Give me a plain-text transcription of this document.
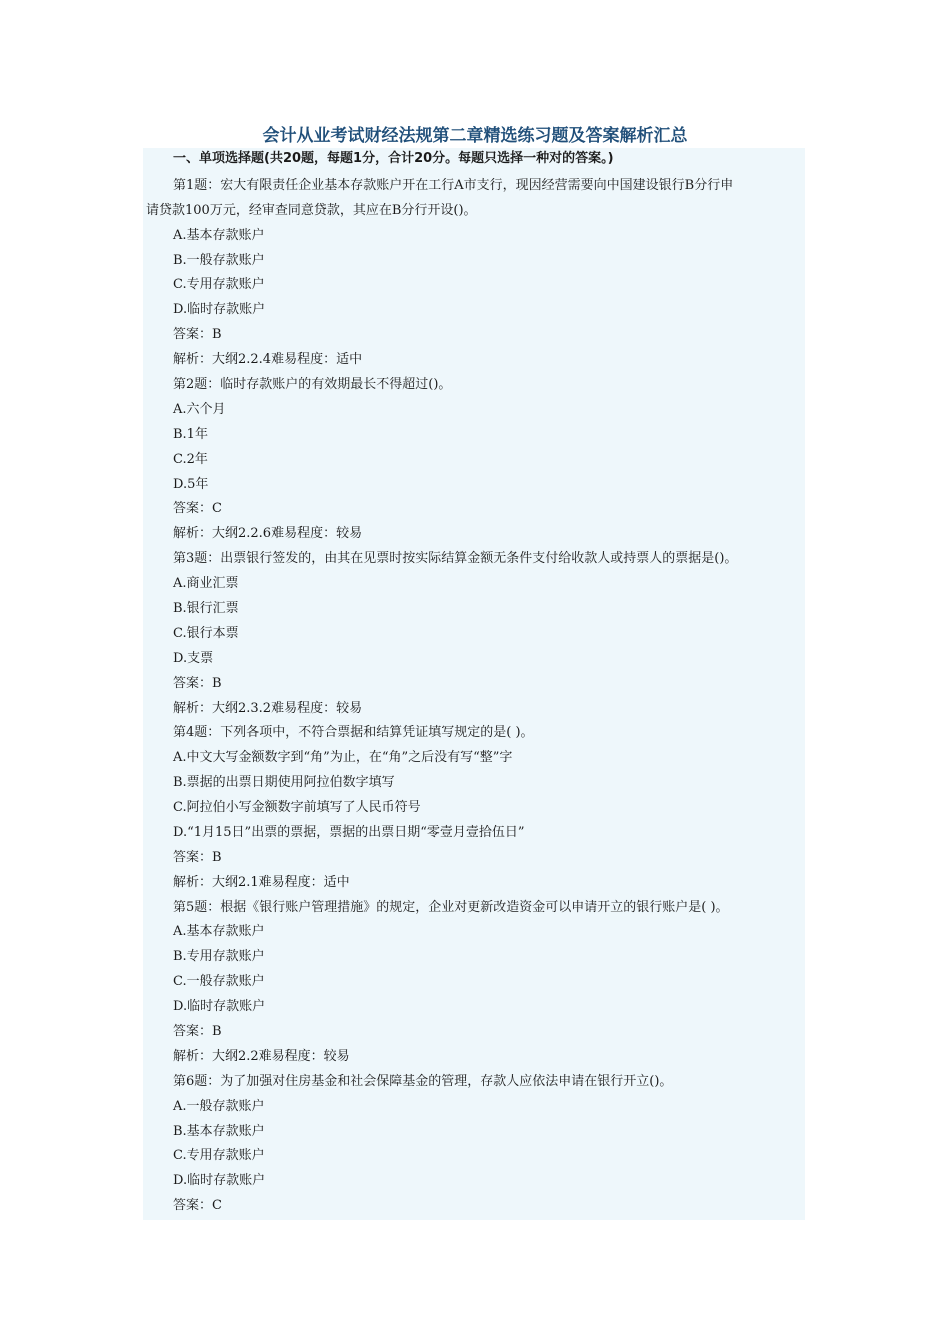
会计从业考试财经法规第二章精选练习题及答案解析汇总
一、单项选择题(共20题，每题1分，合计20分。每题只选择一种对的答案。)
第1题：宏大有限责任企业基本存款账户开在工行A市支行，现因经营需要向中国建设银行B分行申
请贷款100万元，经审查同意贷款，其应在B分行开设()。
A.基本存款账户
B.一般存款账户
C.专用存款账户
D.临时存款账户
答案：B
解析：大纲2.2.4难易程度：适中
第2题：临时存款账户的有效期最长不得超过()。
A.六个月
B.1年
C.2年
D.5年
答案：C
解析：大纲2.2.6难易程度：较易
第3题：出票银行签发的，由其在见票时按实际结算金额无条件支付给收款人或持票人的票据是()。
A.商业汇票
B.银行汇票
C.银行本票
D.支票
答案：B
解析：大纲2.3.2难易程度：较易
第4题：下列各项中，不符合票据和结算凭证填写规定的是( )。
A.中文大写金额数字到“角”为止，在“角”之后没有写“整”字
B.票据的出票日期使用阿拉伯数字填写
C.阿拉伯小写金额数字前填写了人民币符号
D.“1月15日”出票的票据，票据的出票日期“零壹月壹拾伍日”
答案：B
解析：大纲2.1难易程度：适中
第5题：根据《银行账户管理措施》的规定，企业对更新改造资金可以申请开立的银行账户是( )。
A.基本存款账户
B.专用存款账户
C.一般存款账户
D.临时存款账户
答案：B
解析：大纲2.2难易程度：较易
第6题：为了加强对住房基金和社会保障基金的管理，存款人应依法申请在银行开立()。
A.一般存款账户
B.基本存款账户
C.专用存款账户
D.临时存款账户
答案：C
